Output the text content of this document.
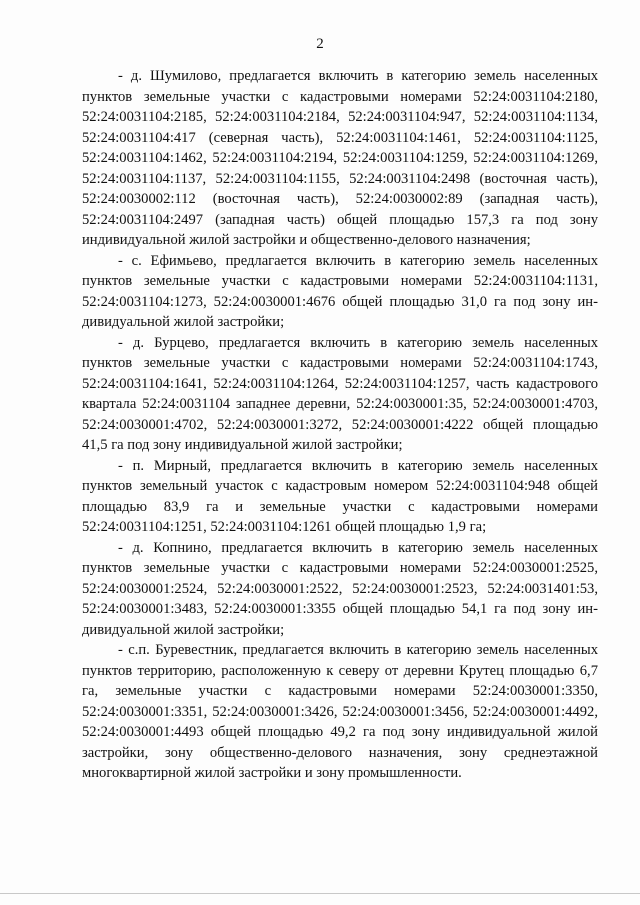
2

- д. Шумилово, предлагается включить в категорию земель населенных пунктов земельные участки с кадастровыми номерами 52:24:0031104:2180, 52:24:0031104:2185, 52:24:0031104:2184, 52:24:0031104:947, 52:24:0031104:1134, 52:24:0031104:417 (северная часть), 52:24:0031104:1461, 52:24:0031104:1125, 52:24:0031104:1462, 52:24:0031104:2194, 52:24:0031104:1259, 52:24:0031104:1269, 52:24:0031104:1137, 52:24:0031104:1155, 52:24:0031104:2498 (восточная часть), 52:24:0030002:112 (восточная часть), 52:24:0030002:89 (западная часть), 52:24:0031104:2497 (западная часть) общей площадью 157,3 га под зону индивидуальной жилой застройки и общественно-делового назначения;

- с. Ефимьево, предлагается включить в категорию земель населенных пунктов земельные участки с кадастровыми номерами 52:24:0031104:1131, 52:24:0031104:1273, 52:24:0030001:4676 общей площадью 31,0 га под зону индивидуальной жилой застройки;

- д. Бурцево, предлагается включить в категорию земель населенных пунктов земельные участки с кадастровыми номерами 52:24:0031104:1743, 52:24:0031104:1641, 52:24:0031104:1264, 52:24:0031104:1257, часть кадастрового квартала 52:24:0031104 западнее деревни, 52:24:0030001:35, 52:24:0030001:4703, 52:24:0030001:4702, 52:24:0030001:3272, 52:24:0030001:4222 общей площадью 41,5 га под зону индивидуальной жилой застройки;

- п. Мирный, предлагается включить в категорию земель населенных пунктов земельный участок с кадастровым номером 52:24:0031104:948 общей площадью 83,9 га и земельные участки с кадастровыми номерами 52:24:0031104:1251, 52:24:0031104:1261 общей площадью 1,9 га;

- д. Копнино, предлагается включить в категорию земель населенных пунктов земельные участки с кадастровыми номерами 52:24:0030001:2525, 52:24:0030001:2524, 52:24:0030001:2522, 52:24:0030001:2523, 52:24:0031401:53, 52:24:0030001:3483, 52:24:0030001:3355 общей площадью 54,1 га под зону индивидуальной жилой застройки;

- с.п. Буревестник, предлагается включить в категорию земель населенных пунктов территорию, расположенную к северу от деревни Крутец площадью 6,7 га, земельные участки с кадастровыми номерами 52:24:0030001:3350, 52:24:0030001:3351, 52:24:0030001:3426, 52:24:0030001:3456, 52:24:0030001:4492, 52:24:0030001:4493 общей площадью 49,2 га под зону индивидуальной жилой застройки, зону общественно-делового назначения, зону среднеэтажной многоквартирной жилой застройки и зону промышленности.
